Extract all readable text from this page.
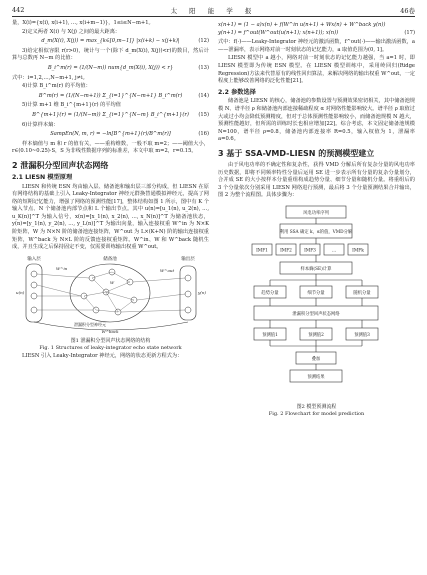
442	太 阳 能 学 报	46卷

量，X(i)={x(i), x(i+1), …, x(i+m−1)}，1≤i≤N−m+1。

2)定义两者 X(i) 与 X(j) 之间的最大距离：

d_m(X(i), X(j)) = max_{k∈[0,m−1]} |x(i+k) − x(j+k)|	(12)

3)给定相似容限 r(r>0)，统计与一个(除下 d_m(X(i), X(j))<r)的数目，然后计算与总数再 N−m 的比值：

B_i^m(r) = (1/(N−m)) num{d_m(X(i), X(j)) < r}	(13)

式中：i=1,2,…,N−m+1, j≠i。

4)计算 B_i^m(r) 的平均值：

B^m(r) = (1/(N−m+1)) Σ_{i=1}^{N−m+1} B_i^m(r)	(14)

5)计算 m+1 维 B_i^{m+1}(r) 的平均值

B^{m+1}(r) = (1/(N−m)) Σ_{i=1}^{N−m} B_i^{m+1}(r) (15)

6)计算样本熵：

SampEn(N, m, r) = −ln[B^{m+1}(r)/B^m(r)]	(16)

样本熵值与 m 和 r 的值有关，——重构维数，一般不取 m=2；——阈值大小，r∈(0.10~0.25)·S，S 为非线性数据序列的标准差，本文中取 m=2，r=0.15。

2 泄漏积分型回声状态网络
2.1 LIESN 模型原理

LIESN 和传统 ESN 均由输入层、储备池和输出层三部分构成，但 LIESN 在原有网络结构的基础上引入 Leaky-Integrator 神经元群换替通模拟神经元，提高了网络的短期记忆能力，增强了网络的预测性能[17]，整体结构如图 1 所示，图中有 K 个输入节点、N 个储备池内部节点和 L 个输出节点。其中 u(n)=[u_1(n), u_2(n), …, u_K(n)]^T 为输入信号，x(n)=[x_1(n), x_2(n), …, x_N(n)]^T 为储备池状态，y(n)=[y_1(n), y_2(n), …, y_L(n)]^T 为输出向量，输入连接权重 W^in 为 N×K 阶矩阵，W 为 N×N 阶的储备池连接矩阵，W^out 为 L×(K+N) 阶的输出连接权重矩阵，W^back 为 N×L 阶的反馈连接权重矩阵。W^in、W 和 W^back 随机生成，并且生成之后保持固定不变，仅需要训练输出权重 W^out。

输入层	储备池	输出层
W^in
W
W^out
W^back
u(n)	y(n)
泄漏积分型神经元
图1 泄漏积分型回声状态网络的结构
Fig. 1 Structures of leaky-integrator echo state network

LIESN 引入 Leaky-Integrator 神经元，网络的状态更新方程式为：

x(n+1) = (1 − a)x(n) + f(W^in u(n+1) + Wx(n) + W^back y(n))
y(n+1) = f^out(W^out(u(n+1); x(n+1)); x(n))	(17)

式中：f(·)——Leaky-Integrator 神经元的激活函数，f^out(·)——输出激活函数，a——泄漏率，表示网络对前一时刻状态的记忆能力，a 取值范围为(0, 1]。

LIESN 模型中 a 越小，网络对前一时刻状态的记忆能力越强，当 a=1 时，即 LIESN 模型即为传统 ESN 模型。在 LIESN 模型训练中，采用岭回归(Ridge Regression)方法来代替原有的线性回归算法，来解决网络的输出权重 W^out，一定程度上能够改善网络的泛化性能[21]。

2.2 参数选择

储备池是 LIESN 的核心，储备池的参数设置与预测效果密切相关，其中储备池规模 N、谱半径 ρ 和储备池内部连接稀疏程度 α 对网络性能影响较大。谱半径 ρ 取值过大或过小均会降低预测精度，但对于总体预测性能影响较小，而储备池规模 N 越大，预测性能越好，但所需的训练时长也相应增加[22]。综合考虑，本文固定储备池规模 N=100，谱半径 ρ=0.8，储备池内部连接率 R=0.5，输入权值为 1，泄漏率 a=0.6。

3 基于 SSA-VMD-LIESN 的预测模型建立

由于风电功率的不确定性和复杂性，获得 VMD 分解后所有复杂分量的风电功率历史数据，即将不同频率特性分量后运用 SE 进一步表示所有分量的复杂分量划分，合并成 SE 的大小按样本分量重组构成趋势分量、细节分量和随机分量。将重组后的 3 个分量依次分别采用 LIESN 网络进行预测，最后将 3 个分量预测结果合并输出，图 2 为整个流程图。具体步骤为：

风电功率序列
利用 SSA 确定 k，α的值，VMD分解
IMF1	IMF2	IMF3	…	IMFk
样本熵(SE)计算
趋势分量	细节分量	随机分量
泄漏积分型回声状态网络
预测值1	预测值2	预测值3
叠加
预测结果
图2 模型预测流程
Fig. 2 Flowchart for model prediction
